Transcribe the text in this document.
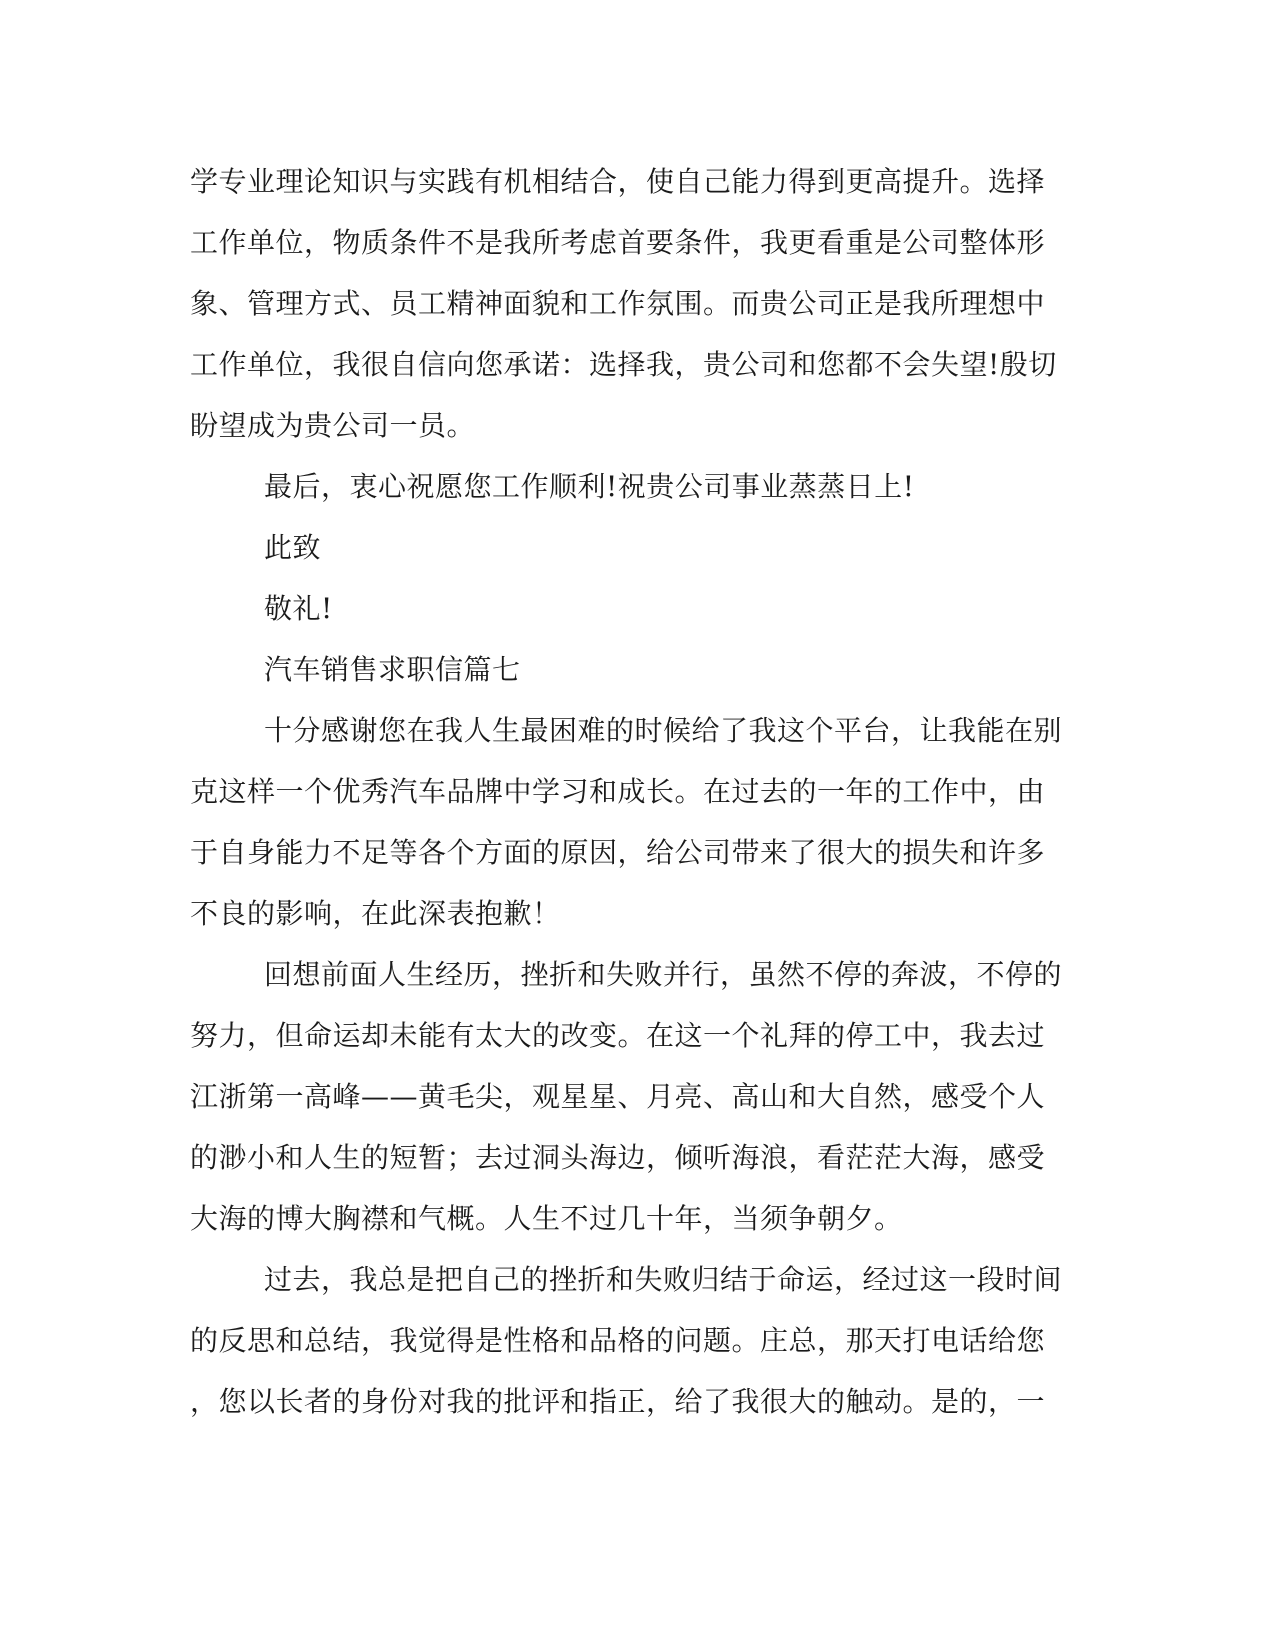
学专业理论知识与实践有机相结合，使自己能力得到更高提升。选择
工作单位，物质条件不是我所考虑首要条件，我更看重是公司整体形
象、管理方式、员工精神面貌和工作氛围。而贵公司正是我所理想中
工作单位，我很自信向您承诺：选择我，贵公司和您都不会失望!殷切
盼望成为贵公司一员。
最后，衷心祝愿您工作顺利!祝贵公司事业蒸蒸日上!
此致
敬礼!
汽车销售求职信篇七
十分感谢您在我人生最困难的时候给了我这个平台，让我能在别
克这样一个优秀汽车品牌中学习和成长。在过去的一年的工作中，由
于自身能力不足等各个方面的原因，给公司带来了很大的损失和许多
不良的影响，在此深表抱歉！
回想前面人生经历，挫折和失败并行，虽然不停的奔波，不停的
努力，但命运却未能有太大的改变。在这一个礼拜的停工中，我去过
江浙第一高峰——黄毛尖，观星星、月亮、高山和大自然，感受个人
的渺小和人生的短暂；去过洞头海边，倾听海浪，看茫茫大海，感受
大海的博大胸襟和气概。人生不过几十年，当须争朝夕。
过去，我总是把自己的挫折和失败归结于命运，经过这一段时间
的反思和总结，我觉得是性格和品格的问题。庄总，那天打电话给您
，您以长者的身份对我的批评和指正，给了我很大的触动。是的，一
